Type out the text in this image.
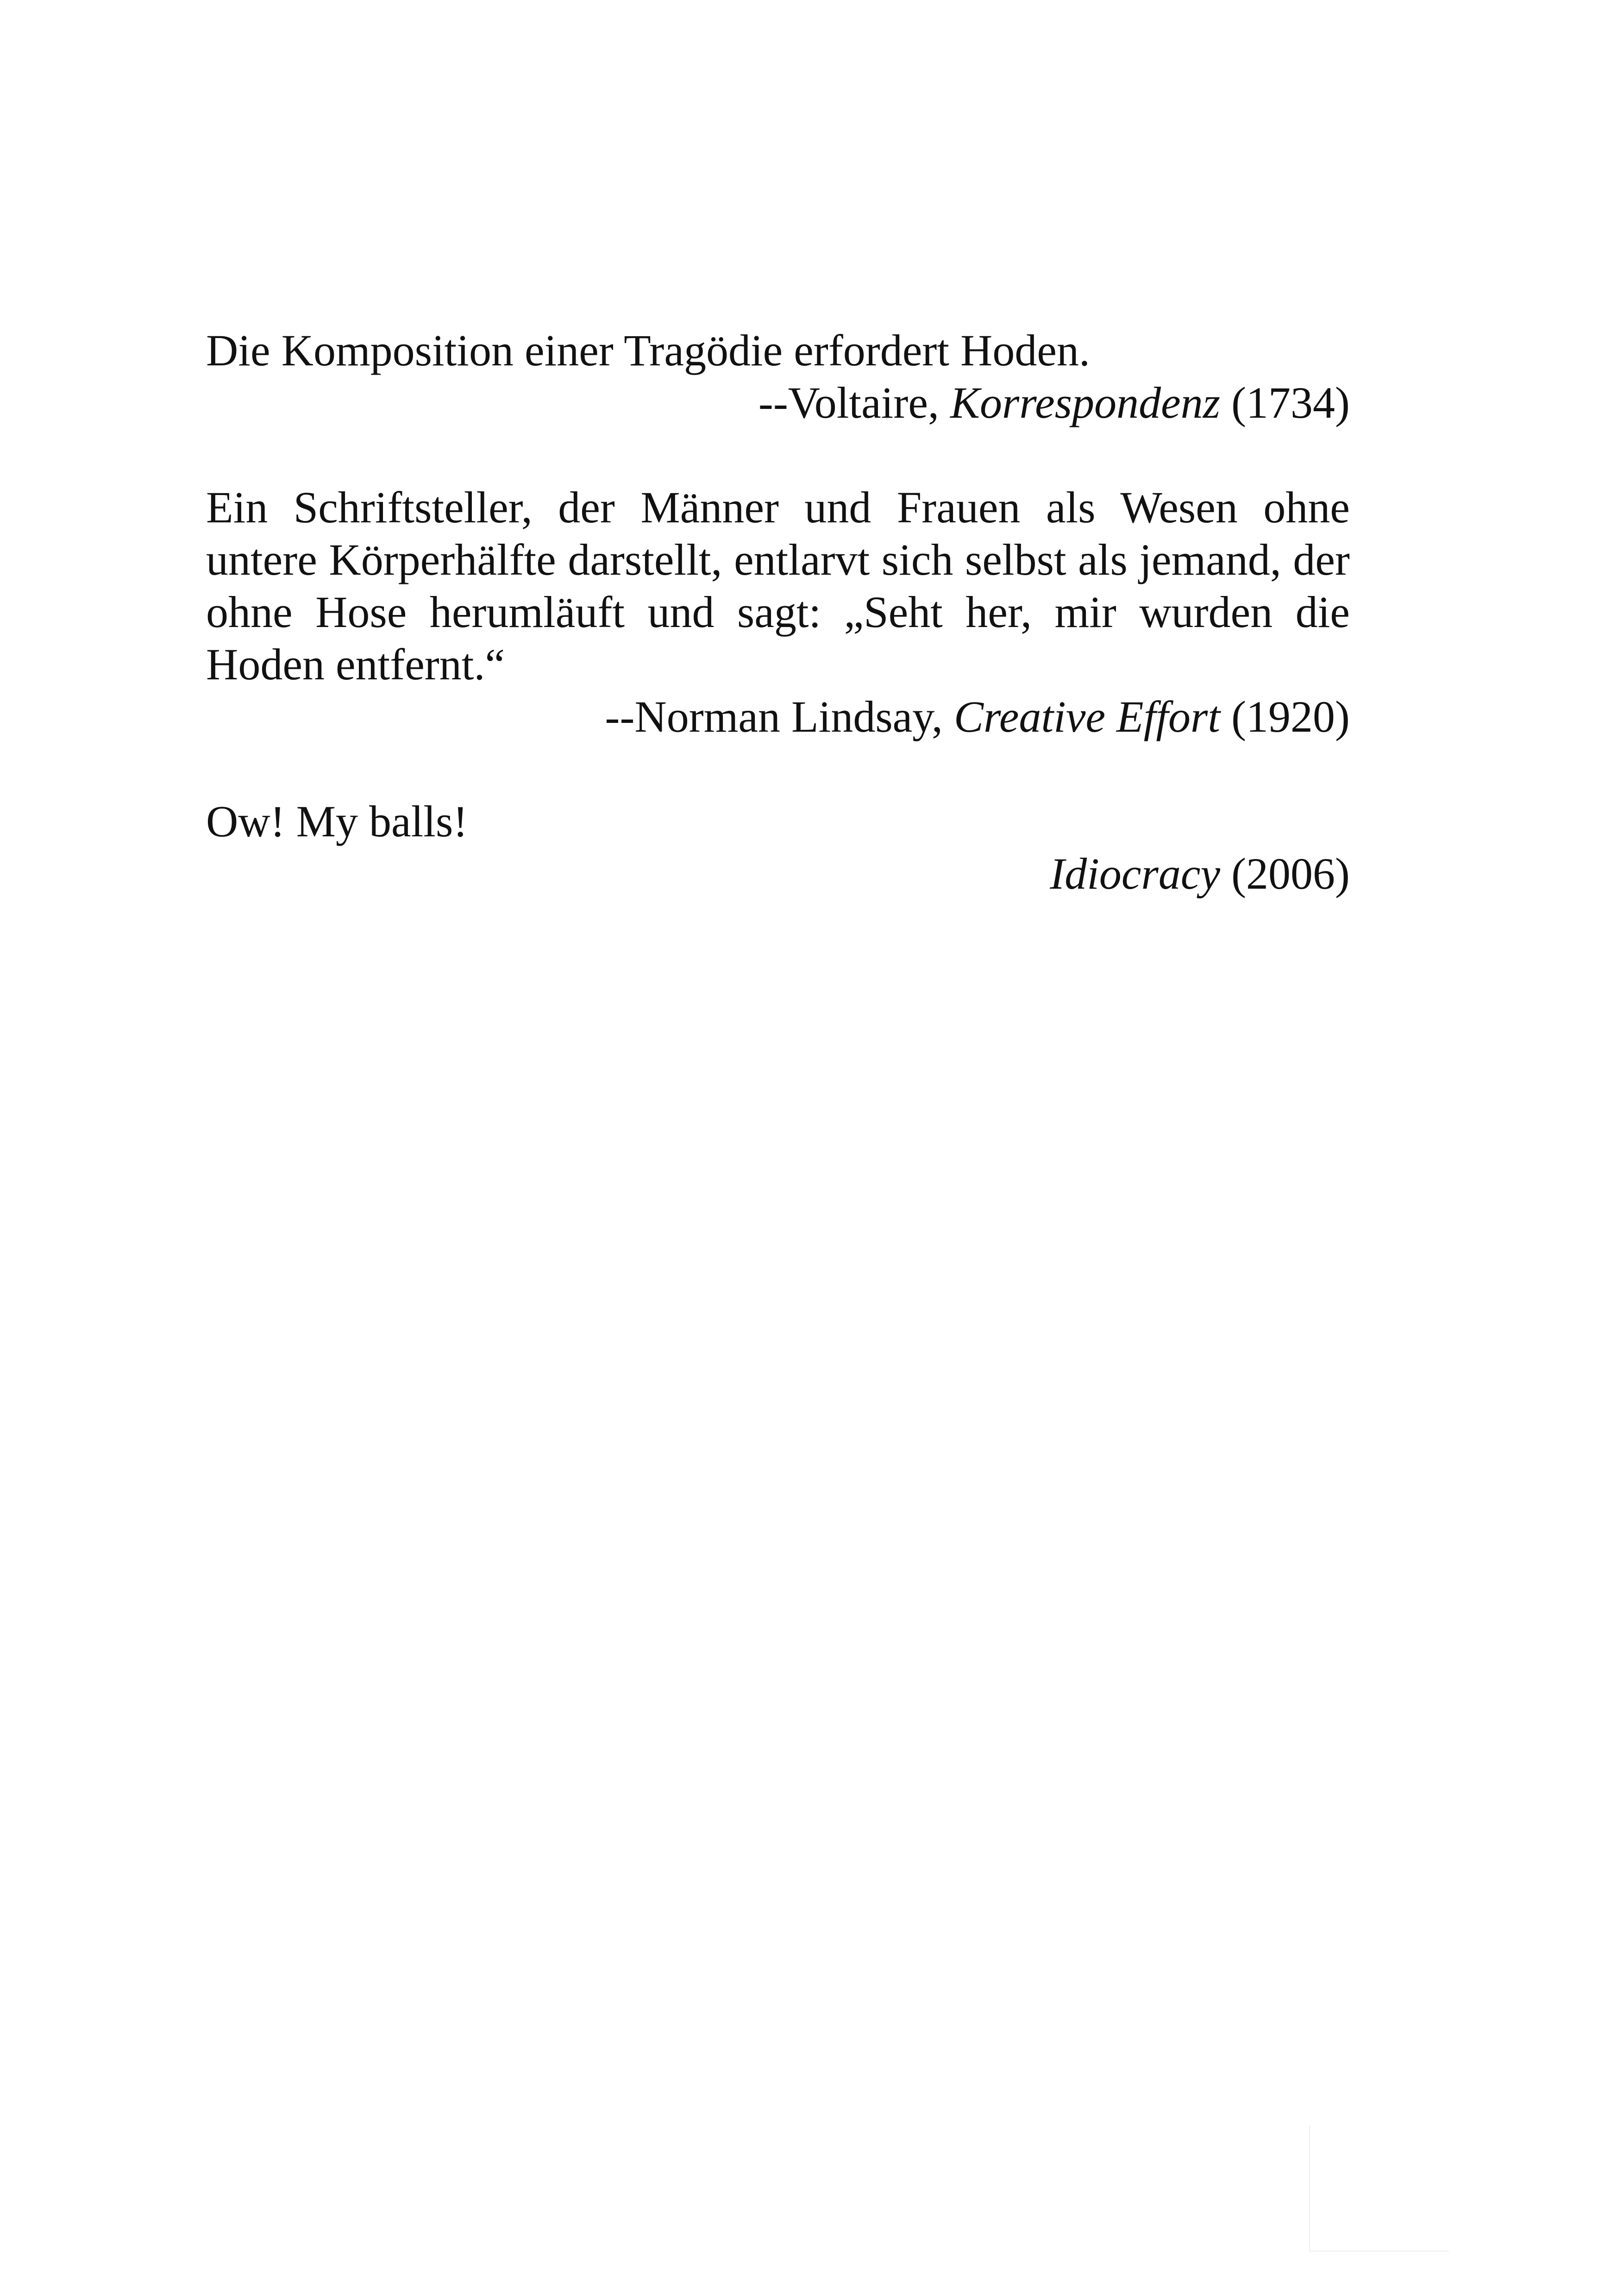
Die Komposition einer Tragödie erfordert Hoden.

--Voltaire, Korrespondenz (1734)

Ein Schriftsteller, der Männer und Frauen als Wesen ohne untere Körperhälfte darstellt, entlarvt sich selbst als jemand, der ohne Hose herumläuft und sagt: „Seht her, mir wurden die Hoden entfernt.“

--Norman Lindsay, Creative Effort (1920)

Ow! My balls!

Idiocracy (2006)
